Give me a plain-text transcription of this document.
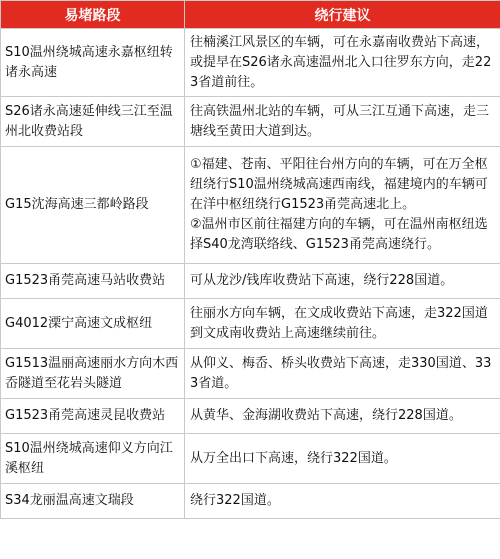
易堵路段	绕行建议
S10温州绕城高速永嘉枢纽转诸永高速	往楠溪江风景区的车辆，可在永嘉南收费站下高速，或提早在S26诸永高速温州北入口往罗东方向，走223省道前往。

S26诸永高速延伸线三江至温州北收费站段	往高铁温州北站的车辆，可从三江互通下高速，走三塘线至黄田大道到达。

G15沈海高速三都岭路段	①福建、苍南、平阳往台州方向的车辆，可在万全枢纽绕行S10温州绕城高速西南线，福建境内的车辆可在洋中枢纽绕行G1523甬莞高速北上。
②温州市区前往福建方向的车辆，可在温州南枢纽选择S40龙湾联络线、G1523甬莞高速绕行。

G1523甬莞高速马站收费站	可从龙沙/钱库收费站下高速，绕行228国道。

G4012溧宁高速文成枢纽	往丽水方向车辆，在文成收费站下高速，走322国道到文成南收费站上高速继续前往。

G1513温丽高速丽水方向木西岙隧道至花岩头隧道	从仰义、梅岙、桥头收费站下高速，走330国道、333省道。

G1523甬莞高速灵昆收费站	从黄华、金海湖收费站下高速，绕行228国道。

S10温州绕城高速仰义方向江溪枢纽	从万全出口下高速，绕行322国道。

S34龙丽温高速文瑞段	绕行322国道。
